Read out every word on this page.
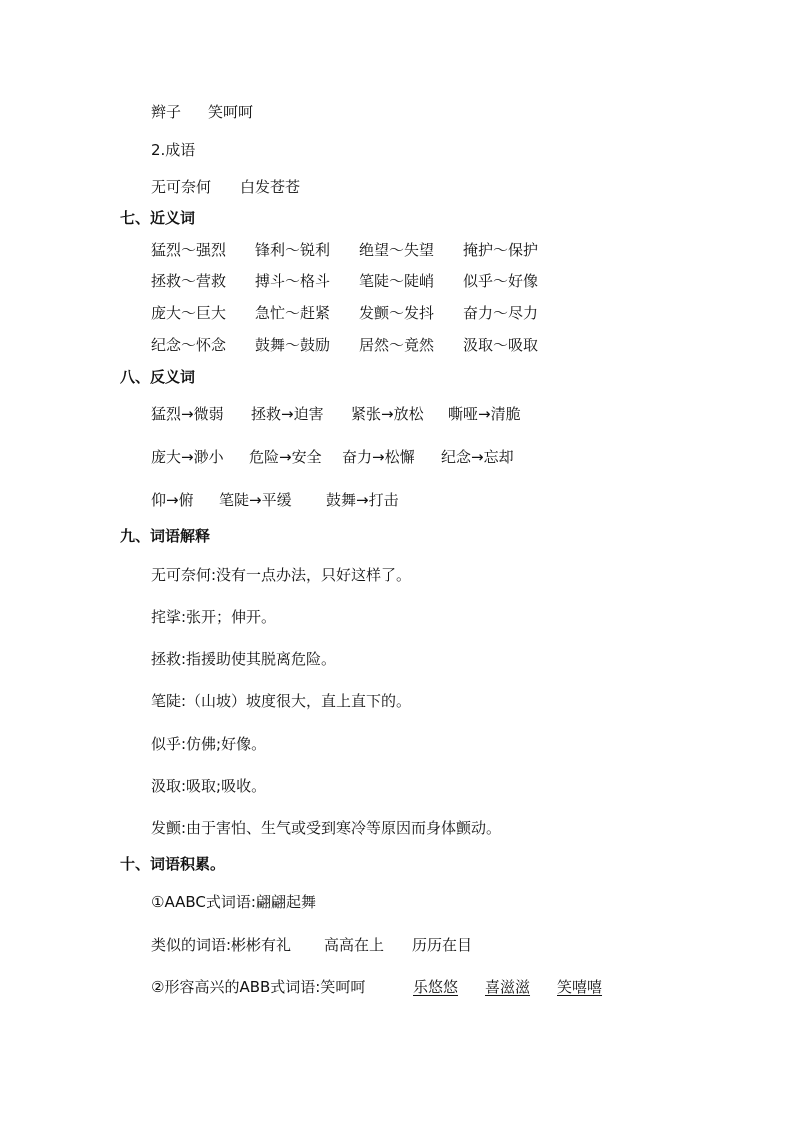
辫子	笑呵呵
2.成语
无可奈何	白发苍苍
七、近义词
猛烈～强烈	锋利～锐利	绝望～失望	掩护～保护
拯救～营救	搏斗～格斗	笔陡～陡峭	似乎～好像
庞大～巨大	急忙～赶紧	发颤～发抖	奋力～尽力
纪念～怀念	鼓舞～鼓励	居然～竟然	汲取～吸取
八、反义词
猛烈→微弱	拯救→迫害	紧张→放松	嘶哑→清脆
庞大→渺小	危险→安全	奋力→松懈	纪念→忘却
仰→俯	笔陡→平缓	鼓舞→打击
九、词语解释
无可奈何:没有一点办法，只好这样了。
挓挲:张开；伸开。
拯救:指援助使其脱离危险。
笔陡:（山坡）坡度很大，直上直下的。
似乎:仿佛;好像。
汲取:吸取;吸收。
发颤:由于害怕、生气或受到寒冷等原因而身体颤动。
十、词语积累。
①AABC式词语:翩翩起舞
类似的词语:彬彬有礼	高高在上	历历在目
②形容高兴的ABB式词语:笑呵呵	乐悠悠	喜滋滋	笑嘻嘻
